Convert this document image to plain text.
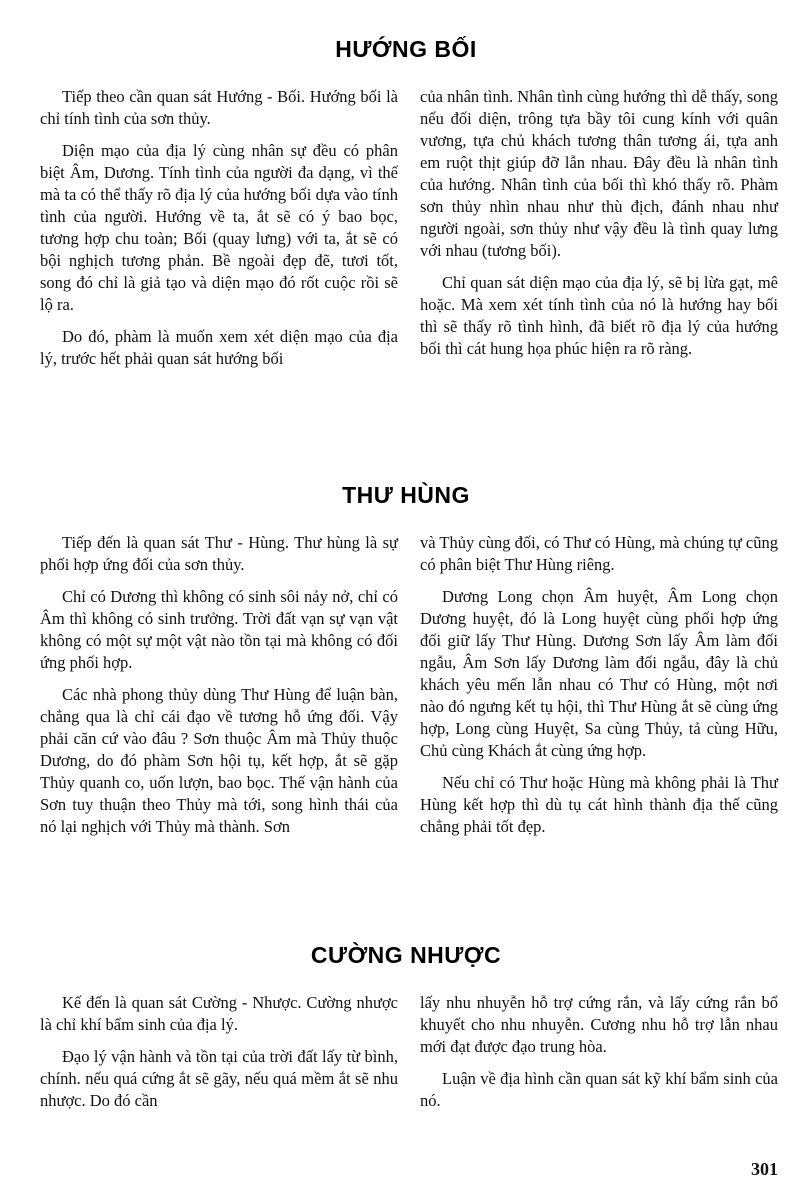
HƯỚNG BỐI

Tiếp theo cần quan sát Hướng - Bối. Hướng bối là chỉ tính tình của sơn thủy.

Diện mạo của địa lý cùng nhân sự đều có phân biệt Âm, Dương. Tính tình của người đa dạng, vì thế mà ta có thể thấy rõ địa lý của hướng bối dựa vào tính tình của người. Hướng về ta, ắt sẽ có ý bao bọc, tương hợp chu toàn; Bối (quay lưng) với ta, ắt sẽ có bội nghịch tương phản. Bề ngoài đẹp đẽ, tươi tốt, song đó chỉ là giả tạo và diện mạo đó rốt cuộc rồi sẽ lộ ra.

Do đó, phàm là muốn xem xét diện mạo của địa lý, trước hết phải quan sát hướng bối

của nhân tình. Nhân tình cùng hướng thì dễ thấy, song nếu đối diện, trông tựa bầy tôi cung kính với quân vương, tựa chủ khách tương thân tương ái, tựa anh em ruột thịt giúp đỡ lẫn nhau. Đây đều là nhân tình của hướng. Nhân tình của bối thì khó thấy rõ. Phàm sơn thủy nhìn nhau như thù địch, đánh nhau như người ngoài, sơn thủy như vậy đều là tình quay lưng với nhau (tương bối).

Chỉ quan sát diện mạo của địa lý, sẽ bị lừa gạt, mê hoặc. Mà xem xét tính tình của nó là hướng hay bối thì sẽ thấy rõ tình hình, đã biết rõ địa lý của hướng bối thì cát hung họa phúc hiện ra rõ ràng.

THƯ HÙNG

Tiếp đến là quan sát Thư - Hùng. Thư hùng là sự phối hợp ứng đối của sơn thủy.

Chỉ có Dương thì không có sinh sôi nảy nở, chỉ có Âm thì không có sinh trưởng. Trời đất vạn sự vạn vật không có một sự một vật nào tồn tại mà không có đối ứng phối hợp.

Các nhà phong thủy dùng Thư Hùng để luận bàn, chẳng qua là chỉ cái đạo về tương hỗ ứng đối. Vậy phải căn cứ vào đâu ? Sơn thuộc Âm mà Thủy thuộc Dương, do đó phàm Sơn hội tụ, kết hợp, ắt sẽ gặp Thủy quanh co, uốn lượn, bao bọc. Thế vận hành của Sơn tuy thuận theo Thủy mà tới, song hình thái của nó lại nghịch với Thủy mà thành. Sơn

và Thủy cùng đối, có Thư có Hùng, mà chúng tự cũng có phân biệt Thư Hùng riêng.

Dương Long chọn Âm huyệt, Âm Long chọn Dương huyệt, đó là Long huyệt cùng phối hợp ứng đối giữ lấy Thư Hùng. Dương Sơn lấy Âm làm đối ngẫu, Âm Sơn lấy Dương làm đối ngẫu, đây là chủ khách yêu mến lẫn nhau có Thư có Hùng, một nơi nào đó ngưng kết tụ hội, thì Thư Hùng ắt sẽ cùng ứng hợp, Long cùng Huyệt, Sa cùng Thủy, tả cùng Hữu, Chủ cùng Khách ắt cùng ứng hợp.

Nếu chỉ có Thư hoặc Hùng mà không phải là Thư Hùng kết hợp thì dù tụ cát hình thành địa thế cũng chẳng phải tốt đẹp.

CƯỜNG NHƯỢC

Kế đến là quan sát Cường - Nhược. Cường nhược là chỉ khí bẩm sinh của địa lý.

Đạo lý vận hành và tồn tại của trời đất lấy từ bình, chính. nếu quá cứng ắt sẽ gãy, nếu quá mềm ắt sẽ nhu nhược. Do đó cần

lấy nhu nhuyễn hỗ trợ cứng rắn, và lấy cứng rắn bổ khuyết cho nhu nhuyễn. Cương nhu hỗ trợ lẫn nhau mới đạt được đạo trung hòa.

Luận về địa hình cần quan sát kỹ khí bẩm sinh của nó.

301
